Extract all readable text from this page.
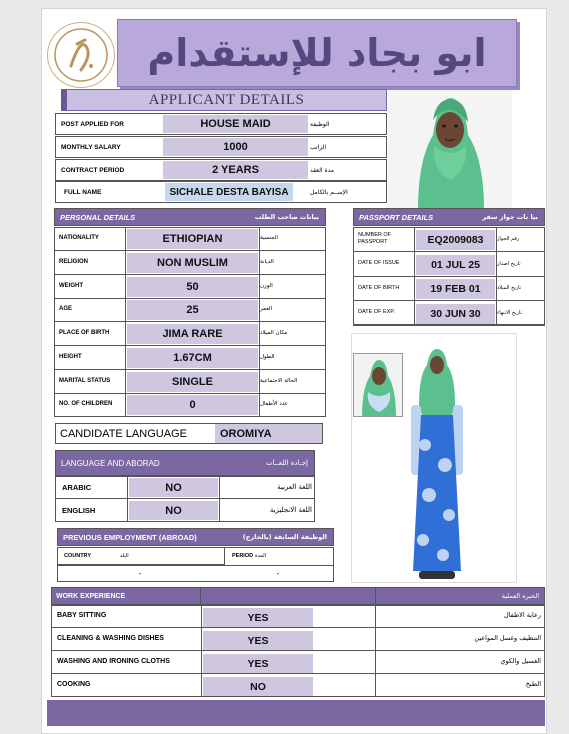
ابو بجاد للإستقدام
APPLICANT DETAILS
POST APPLIED FOR	HOUSE MAID	الوظيفة
MONTHLY SALARY	1000	الراتب
CONTRACT PERIOD	2 YEARS	مدة العقد
FULL NAME	SICHALE DESTA BAYISA	الإســم بالكامل
PERSONAL DETAILS	بيانات صاحب الطلب	PASSPORT DETAILS	بيا نات جواز سفر
CANDIDATE LANGUAGE	OROMIYA
LANGUAGE AND ABORAD	إجـادة اللغــات
PREVIOUS EMPLOYMENT (ABROAD)	الوظيفة السابقة (بالخارج)
COUNTRY	البلد	PERIOD المدة
-	-
WORK EXPERIENCE	الخبره العملية
NATIONALITY	ETHIOPIAN	الجنسية
RELIGION	NON MUSLIM	الديانة
WEIGHT	50	الوزن
AGE	25	العمر
PLACE OF BIRTH	JIMA RARE	مكان الميلاد
HEIGHT	1.67CM	الطول
MARITAL STATUS	SINGLE	الحالة الاجتماعية
NO. OF CHILDREN	0	عدد الأطفال
NUMBER OF PASSPORT	EQ2009083	رقم الجواز
DATE OF ISSUE	01 JUL 25	تاريخ اصدار
DATE OF BIRTH	19 FEB 01	تاريخ الميلاد
DATE OF EXP.	30 JUN 30	تاريخ الانتهاء
ARABIC	NO	اللغة العربية
ENGLISH	NO	اللغة الانجليزية
BABY SITTING	YES	رعاية الاطفال
CLEANING & WASHING DISHES	YES	التنظيف وغسل المواعين
WASHING AND IRONING CLOTHS	YES	الغسيل والكوي
COOKING	NO	الطبخ
